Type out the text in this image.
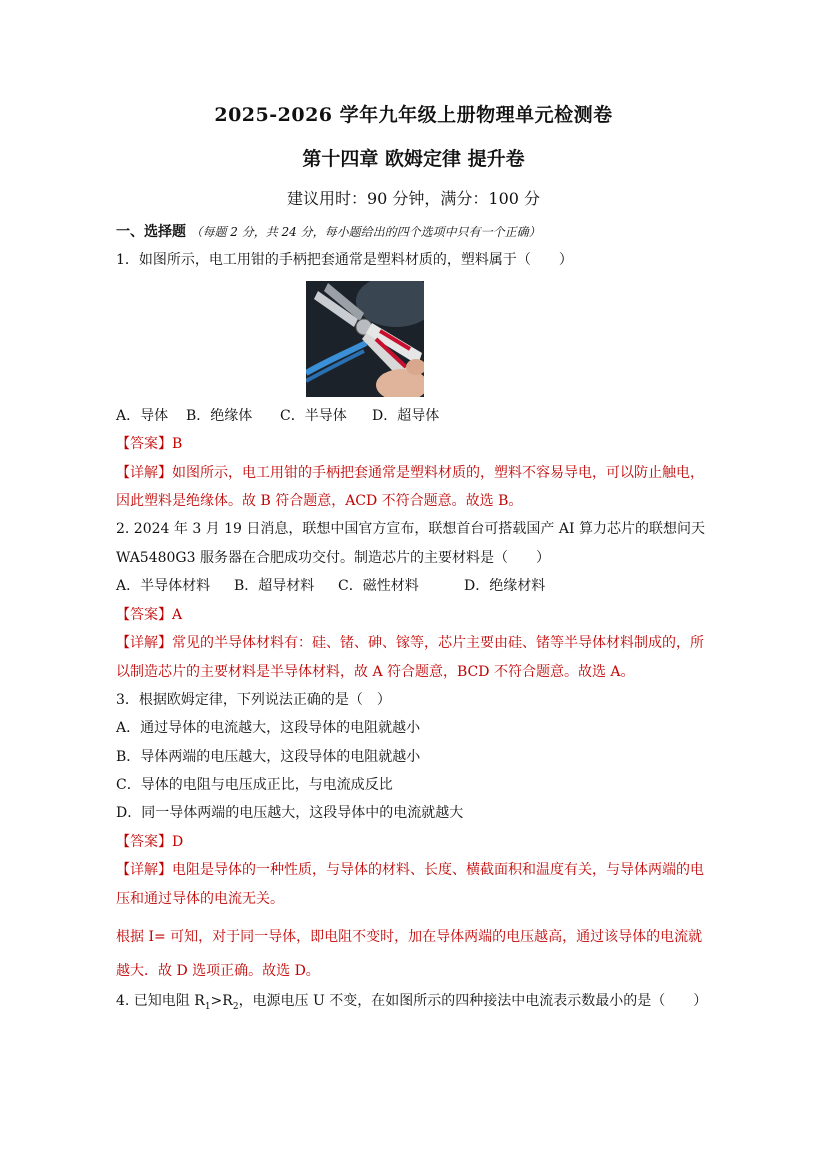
2025-2026 学年九年级上册物理单元检测卷
第十四章 欧姆定律 提升卷
建议用时：90 分钟，满分：100 分
一、选择题 （每题 2 分，共 24 分，每小题给出的四个选项中只有一个正确）
1．如图所示，电工用钳的手柄把套通常是塑料材质的，塑料属于（　　）
A．导体 B．绝缘体 C．半导体 D．超导体
【答案】B
【详解】如图所示，电工用钳的手柄把套通常是塑料材质的，塑料不容易导电，可以防止触电，
因此塑料是绝缘体。故 B 符合题意，ACD 不符合题意。故选 B。
2. 2024 年 3 月 19 日消息，联想中国官方宣布，联想首台可搭载国产 AI 算力芯片的联想问天
WA5480G3 服务器在合肥成功交付。制造芯片的主要材料是（　　）
A．半导体材料 B．超导材料 C．磁性材料	D．绝缘材料
【答案】A
【详解】常见的半导体材料有：硅、锗、砷、镓等，芯片主要由硅、锗等半导体材料制成的，所
以制造芯片的主要材料是半导体材料，故 A 符合题意，BCD 不符合题意。故选 A。
3．根据欧姆定律，下列说法正确的是（　）
A．通过导体的电流越大，这段导体的电阻就越小
B．导体两端的电压越大，这段导体的电阻就越小
C．导体的电阻与电压成正比，与电流成反比
D．同一导体两端的电压越大，这段导体中的电流就越大
【答案】D
【详解】电阻是导体的一种性质，与导体的材料、长度、横截面积和温度有关，与导体两端的电
压和通过导体的电流无关。
根据 I= 可知，对于同一导体，即电阻不变时，加在导体两端的电压越高，通过该导体的电流就
越大．故 D 选项正确。故选 D。
4. 已知电阻 $R_1>R_2$，电源电压 U 不变，在如图所示的四种接法中电流表示数最小的是（　　）
